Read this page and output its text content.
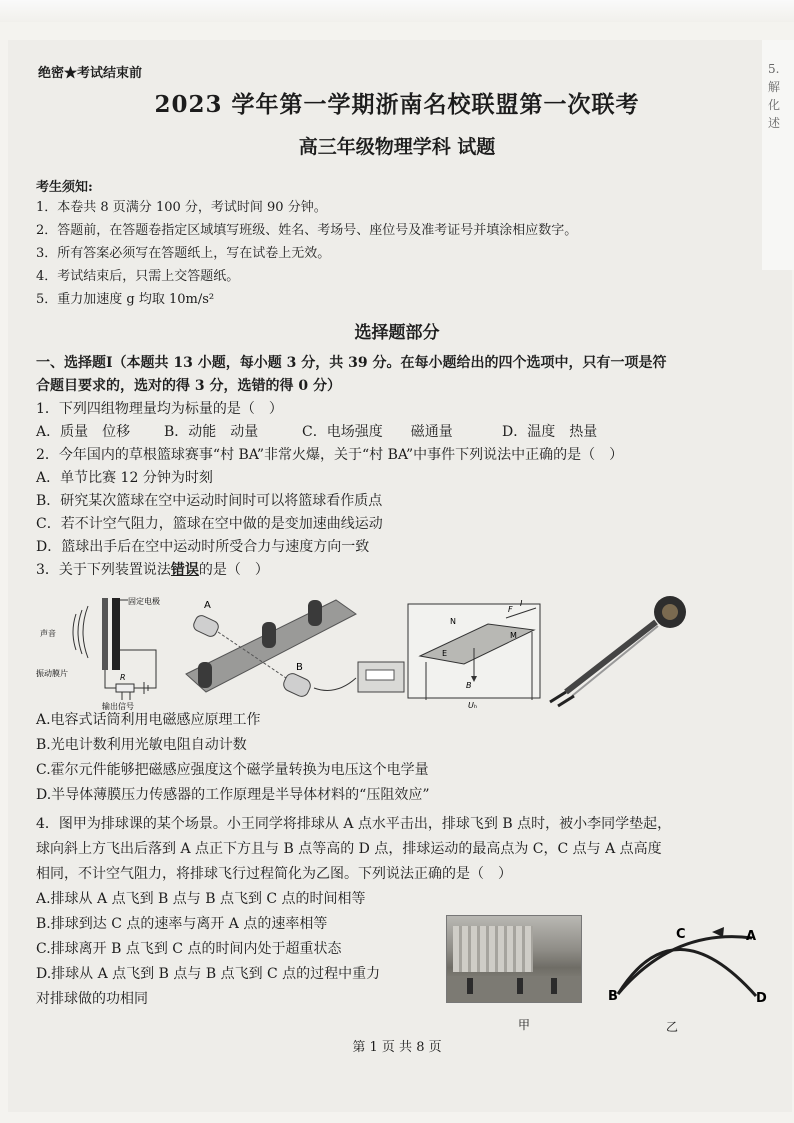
5.
解
化
述

绝密★考试结束前
2023 学年第一学期浙南名校联盟第一次联考
高三年级物理学科 试题
考生须知:
1．本卷共 8 页满分 100 分，考试时间 90 分钟。
2．答题前，在答题卷指定区域填写班级、姓名、考场号、座位号及准考证号并填涂相应数字。
3．所有答案必须写在答题纸上，写在试卷上无效。
4．考试结束后，只需上交答题纸。
5．重力加速度 g 均取 10m/s²
选择题部分
一、选择题Ⅰ（本题共 13 小题，每小题 3 分，共 39 分。在每小题给出的四个选项中，只有一项是符
合题目要求的，选对的得 3 分，选错的得 0 分）
1．下列四组物理量均为标量的是（　）
A．质量　位移 B．动能　动量	C．电场强度　　磁通量	D．温度　热量
2．今年国内的草根篮球赛事“村 BA”非常火爆，关于“村 BA”中事件下列说法中正确的是（　）
A．单节比赛 12 分钟为时刻
B．研究某次篮球在空中运动时间时可以将篮球看作质点
C．若不计空气阻力，篮球在空中做的是变加速曲线运动
D．篮球出手后在空中运动时所受合力与速度方向一致
3．关于下列装置说法错误的是（　）
固定电极
声音
振动膜片	R
输出信号
A
B
N
M
E
F
I
B
Uₕ
A.电容式话筒利用电磁感应原理工作
B.光电计数利用光敏电阻自动计数
C.霍尔元件能够把磁感应强度这个磁学量转换为电压这个电学量
D.半导体薄膜压力传感器的工作原理是半导体材料的“压阻效应”
4．图甲为排球课的某个场景。小王同学将排球从 A 点水平击出，排球飞到 B 点时，被小李同学垫起，
球向斜上方飞出后落到 A 点正下方且与 B 点等高的 D 点，排球运动的最高点为 C，C 点与 A 点高度
相同，不计空气阻力，将排球飞行过程简化为乙图。下列说法正确的是（　）
A.排球从 A 点飞到 B 点与 B 点飞到 C 点的时间相等
B.排球到达 C 点的速率与离开 A 点的速率相等
C.排球离开 B 点飞到 C 点的时间内处于超重状态
D.排球从 A 点飞到 B 点与 B 点飞到 C 点的过程中重力
对排球做的功相同
甲
C	A
B	D
乙
第 1 页 共 8 页
